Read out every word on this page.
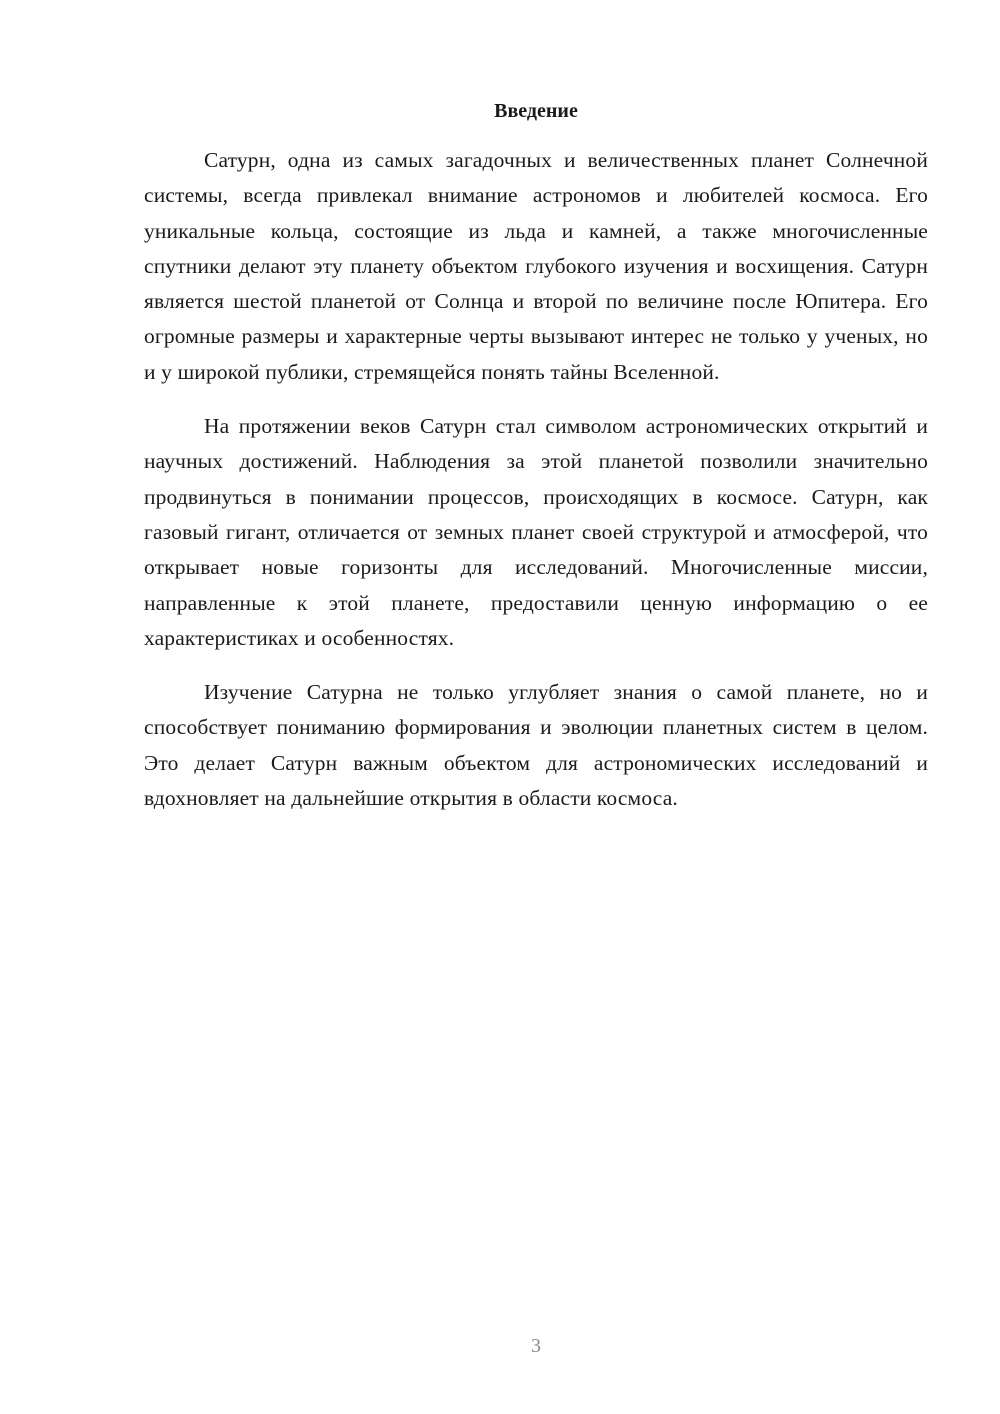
Введение

Сатурн, одна из самых загадочных и величественных планет Солнечной системы, всегда привлекал внимание астрономов и любителей космоса. Его уникальные кольца, состоящие из льда и камней, а также многочисленные спутники делают эту планету объектом глубокого изучения и восхищения. Сатурн является шестой планетой от Солнца и второй по величине после Юпитера. Его огромные размеры и характерные черты вызывают интерес не только у ученых, но и у широкой публики, стремящейся понять тайны Вселенной.

На протяжении веков Сатурн стал символом астрономических открытий и научных достижений. Наблюдения за этой планетой позволили значительно продвинуться в понимании процессов, происходящих в космосе. Сатурн, как газовый гигант, отличается от земных планет своей структурой и атмосферой, что открывает новые горизонты для исследований. Многочисленные миссии, направленные к этой планете, предоставили ценную информацию о ее характеристиках и особенностях.

Изучение Сатурна не только углубляет знания о самой планете, но и способствует пониманию формирования и эволюции планетных систем в целом. Это делает Сатурн важным объектом для астрономических исследований и вдохновляет на дальнейшие открытия в области космоса.

3
